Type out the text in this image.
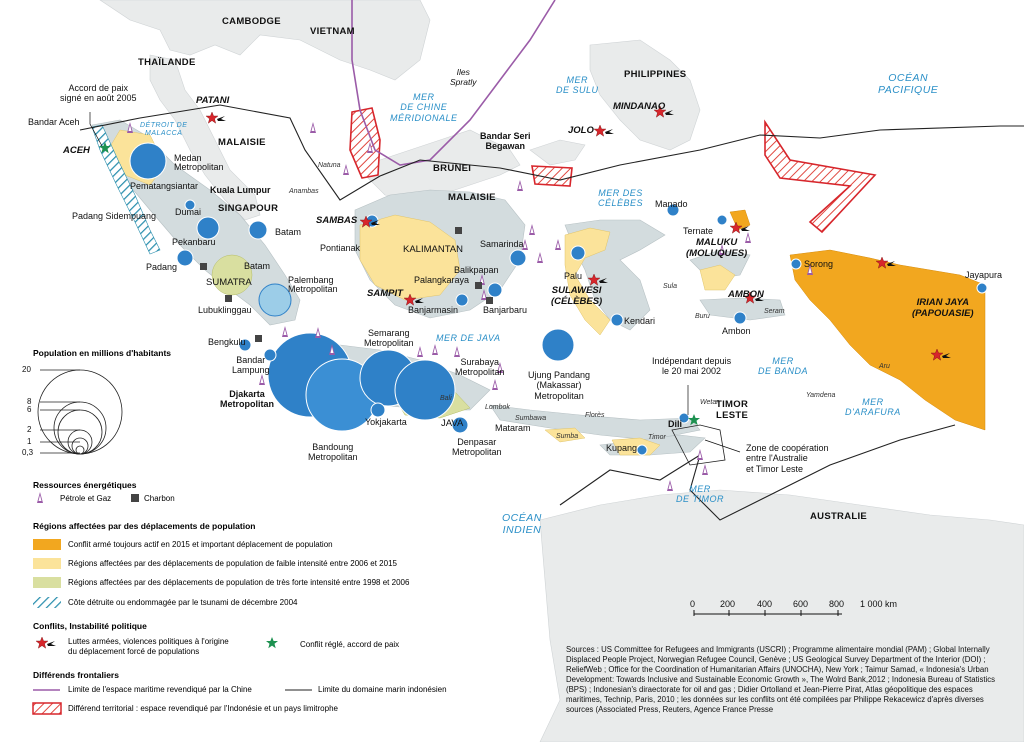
CAMBODGE
VIETNAM
THAÏLANDE
PHILIPPINES
MALAISIE
MALAISIE
BRUNEI
AUSTRALIE
SINGAPOUR
TIMOR
LESTE
MER
DE CHINE
MÉRIDIONALE
MER
DE SULU
MER DES
CÉLÈBES
MER DE JAVA
MER
DE BANDA
MER
D'ARAFURA
MER
DE TIMOR
OCÉAN
PACIFIQUE
OCÉAN
INDIEN
DÉTROIT DE
MALACCA
Iles
Spratly
Natuna
Anambas
Sula
Buru
Seram
Aru
Yamdena
Wetar
Bali
Lombok
Sumbawa	Florès
Sumba	Timor
ACEH
SUMATRA
KALIMANTAN
SULAWESI
(CÉLÈBES)
MALUKU
(MOLUQUES)
IRIAN JAYA
(PAPOUASIE)
JAVA
PATANI
MINDANAO
JOLO
SAMBAS
SAMPIT	AMBON
Bandar Aceh
Medan
Metropolitan
Pematangsiantar Kuala Lumpur
Padang Sidempuang Dumai
Pekanbaru
Padang
Batam
Batam
Palembang
Metropolitan
Lubuklinggau
Bengkulu
Bandar
Lampung
Djakarta
Metropolitan
Bandoung
Metropolitan
Semarang
Metropolitan
Yokjakarta
Surabaya
Metropolitan
Denpasar
Metropolitan
Mataram
Pontianak
Palangkaraya
Banjarmasin	Banjarbaru
Balikpapan
Samarinda
Bandar Seri
Begawan
Manado
Palu
Kendari
Ujung Pandang
(Makassar)
Metropolitan
Ternate
Ambon
Sorong
Jayapura
Kupang
Dili
Accord de paix
signé en août 2005
Indépendant depuis
le 20 mai 2002
Zone de coopération
entre l'Australie
et Timor Leste
0	200 400 600 800 1 000 km
Population en millions d'habitants
20
8
6
2
1
0,3
Ressources énergétiques
Pétrole et Gaz	Charbon
Régions affectées par des déplacements de population
Conflit armé toujours actif en 2015 et important déplacement de population
Régions affectées par des déplacements de population de faible intensité entre 2006 et 2015
Régions affectées par des déplacements de population de très forte intensité entre 1998 et 2006
Côte détruite ou endommagée par le tsunami de décembre 2004
Conflits, Instabilité politique
Luttes armées, violences politiques à l'origine
du déplacement forcé de populations
Conflit réglé, accord de paix
Différends frontaliers
Limite de l'espace maritime revendiqué par la Chine	Limite du domaine marin indonésien
Différend territorial : espace revendiqué par l'Indonésie et un pays limitrophe
Sources : US Committee for Refugees and Immigrants (USCRI) ; Programme alimentaire mondial (PAM) ; Global Internally Displaced People Project, Norwegian Refugee Council, Genève ; US Geological Survey Department of the Interior (DOI) ; ReliefWeb ; Office for the Coordination of Humanitarian Affairs (UNOCHA), New York ; Taimur Samad, « Indonesia's Urban Development: Towards Inclusive and Sustainable Economic Growth », The Wolrd Bank,2012 ; Indonesia Bureau of Statistics (BPS) ; Indonesian's diraectorate for oil and gas ; Didier Ortolland et Jean-Pierre Pirat, Atlas géopolitique des espaces maritimes, Technip, Paris, 2010 ; les données sur les conflits ont été compilées par Philippe Rekacewicz d'après diverses sources (Associated Press, Reuters, Agence France Presse
